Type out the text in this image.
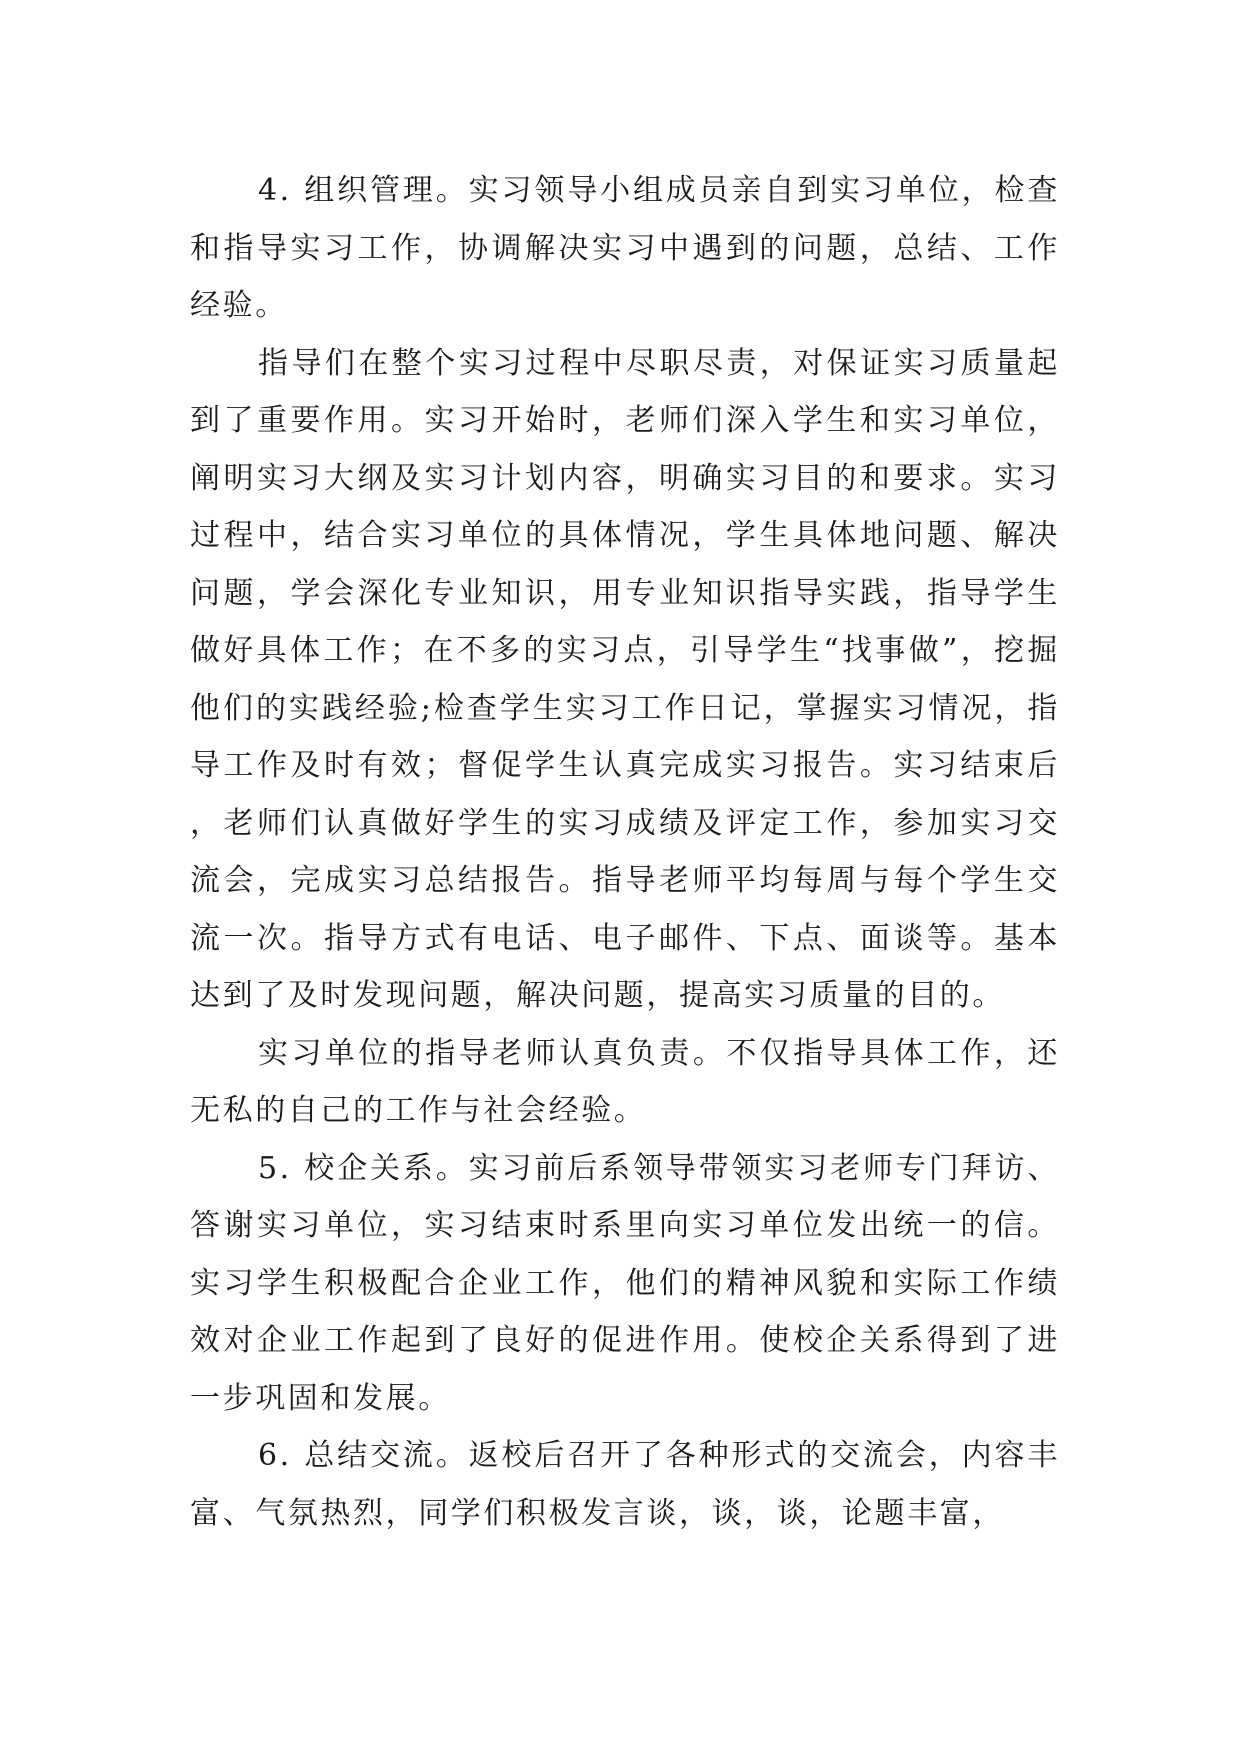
4. 组织管理。实习领导小组成员亲自到实习单位，检查和指导实习工作，协调解决实习中遇到的问题，总结、工作经验。

指导们在整个实习过程中尽职尽责，对保证实习质量起到了重要作用。实习开始时，老师们深入学生和实习单位，阐明实习大纲及实习计划内容，明确实习目的和要求。实习过程中，结合实习单位的具体情况，学生具体地问题、解决问题，学会深化专业知识，用专业知识指导实践，指导学生做好具体工作；在不多的实习点，引导学生“找事做”，挖掘他们的实践经验;检查学生实习工作日记，掌握实习情况，指导工作及时有效；督促学生认真完成实习报告。实习结束后，老师们认真做好学生的实习成绩及评定工作，参加实习交流会，完成实习总结报告。指导老师平均每周与每个学生交流一次。指导方式有电话、电子邮件、下点、面谈等。基本达到了及时发现问题，解决问题，提高实习质量的目的。

实习单位的指导老师认真负责。不仅指导具体工作，还无私的自己的工作与社会经验。

5. 校企关系。实习前后系领导带领实习老师专门拜访、答谢实习单位，实习结束时系里向实习单位发出统一的信。实习学生积极配合企业工作，他们的精神风貌和实际工作绩效对企业工作起到了良好的促进作用。使校企关系得到了进一步巩固和发展。

6. 总结交流。返校后召开了各种形式的交流会，内容丰富、气氛热烈，同学们积极发言谈，谈，谈，论题丰富，
